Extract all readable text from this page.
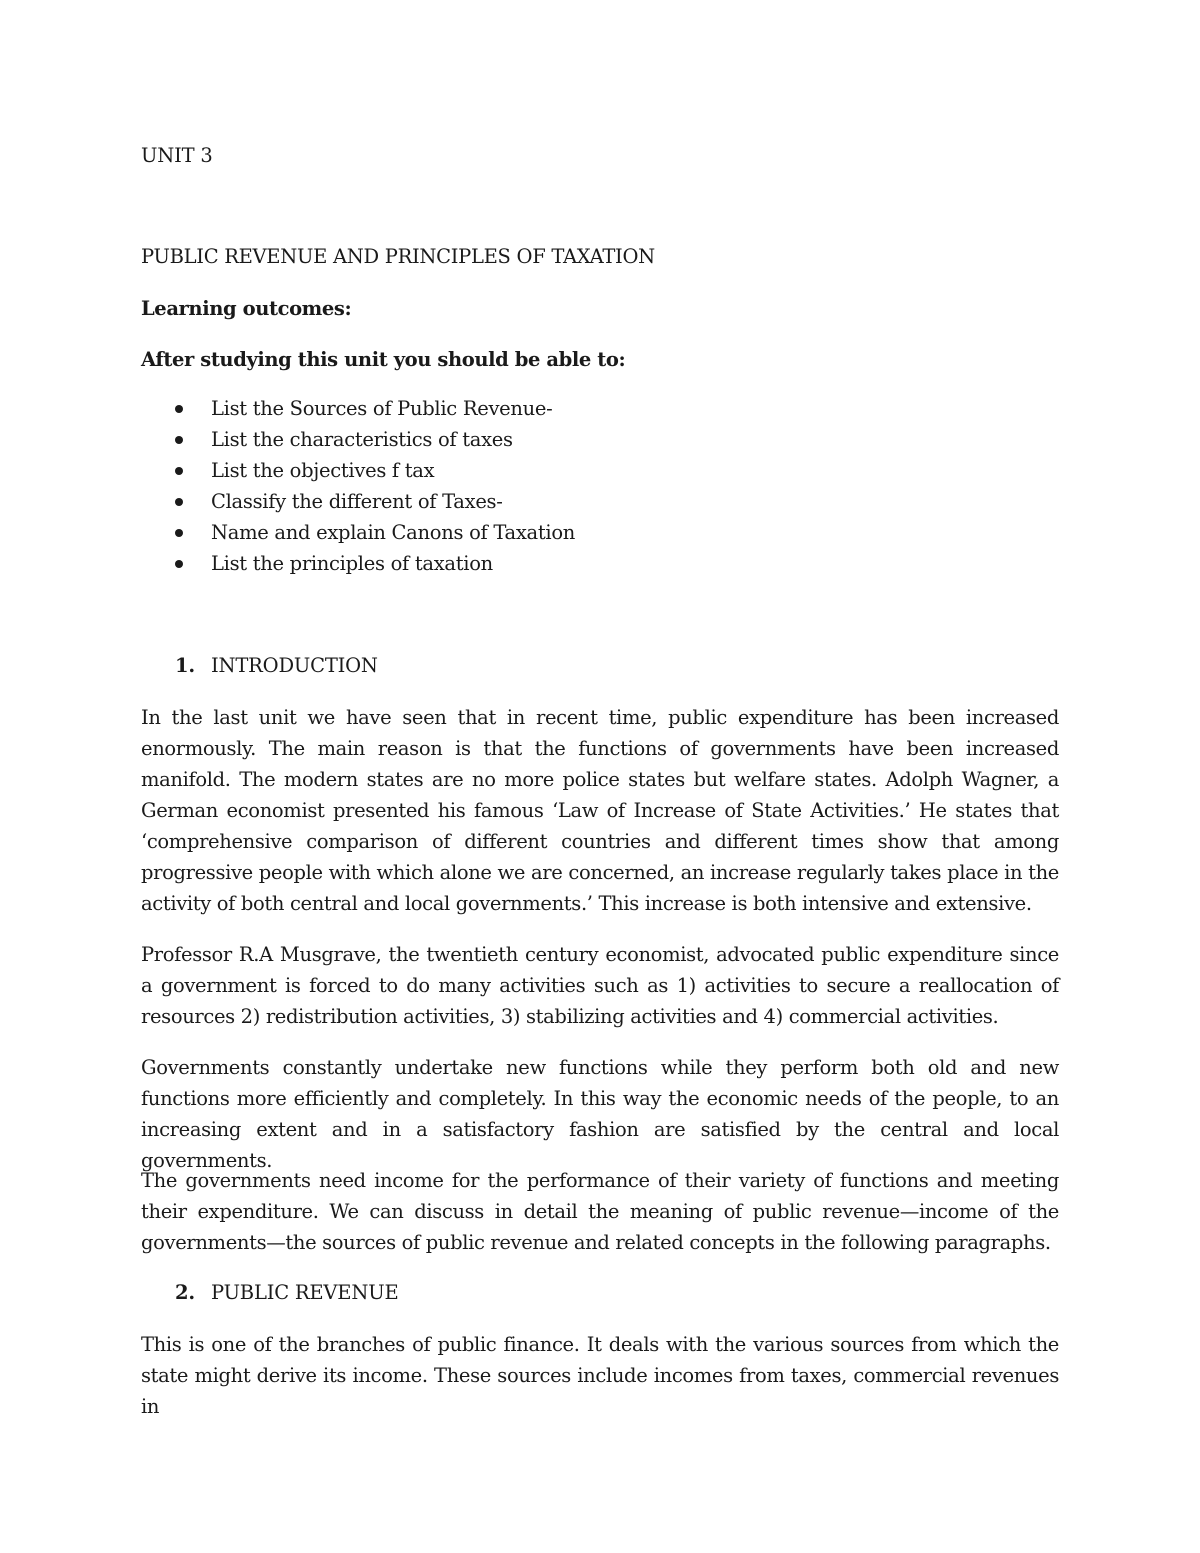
UNIT 3
PUBLIC REVENUE AND PRINCIPLES OF TAXATION
Learning outcomes:
After studying this unit you should be able to:
List the Sources of Public Revenue-
List the characteristics of taxes
List the objectives f tax
Classify the different of Taxes-
Name and explain Canons of Taxation
List the principles of taxation
1. INTRODUCTION

In the last unit we have seen that in recent time, public expenditure has been increased enormously. The main reason is that the functions of governments have been increased manifold. The modern states are no more police states but welfare states. Adolph Wagner, a German economist presented his famous ‘Law of Increase of State Activities.’ He states that ‘comprehensive comparison of different countries and different times show that among progressive people with which alone we are concerned, an increase regularly takes place in the activity of both central and local governments.’ This increase is both intensive and extensive.

Professor R.A Musgrave, the twentieth century economist, advocated public expenditure since a government is forced to do many activities such as 1) activities to secure a reallocation of resources 2) redistribution activities, 3) stabilizing activities and 4) commercial activities.

Governments constantly undertake new functions while they perform both old and new functions more efficiently and completely. In this way the economic needs of the people, to an increasing extent and in a satisfactory fashion are satisfied by the central and local governments.

The governments need income for the performance of their variety of functions and meeting their expenditure. We can discuss in detail the meaning of public revenue—income of the governments—the sources of public revenue and related concepts in the following paragraphs.

2. PUBLIC REVENUE

This is one of the branches of public finance. It deals with the various sources from which the state might derive its income. These sources include incomes from taxes, commercial revenues in
